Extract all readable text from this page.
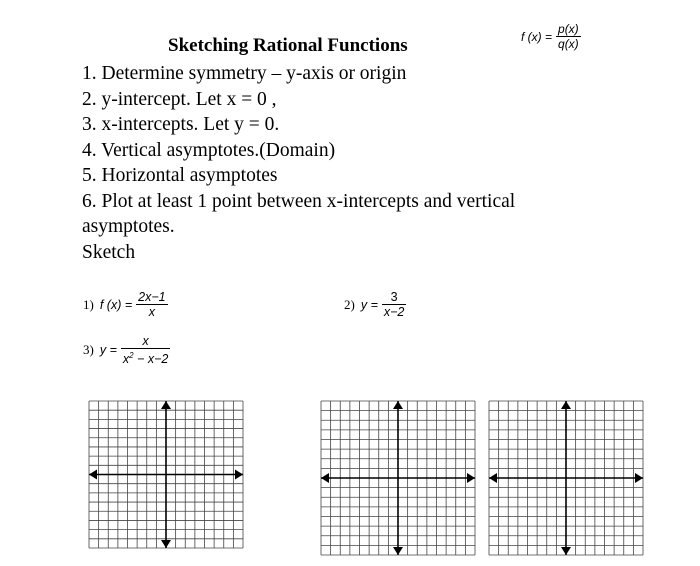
f $(x) = \frac{p(x)}{q(x)}$
Sketching Rational Functions
1. Determine symmetry – y-axis or origin
2. y-intercept. Let x = 0 ,
3. x-intercepts. Let y = 0.
4. Vertical asymptotes.(Domain)
5. Horizontal asymptotes
6. Plot at least 1 point between x-intercepts and vertical
asymptotes.
Sketch
1) f $(x) = \frac{2x-1}{x}$	2) $y = \frac{3}{x-2}$
3) $y = \frac{x}{x^2 - x-2}$
